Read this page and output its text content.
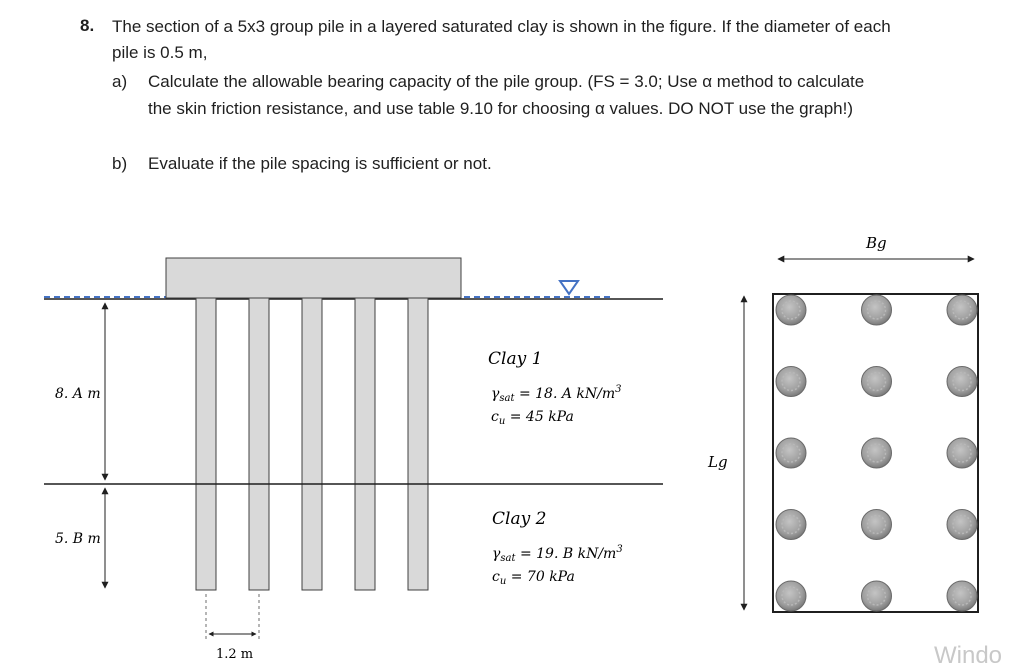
8. The section of a 5x3 group pile in a layered saturated clay is shown in the figure. If the diameter of each pile is 0.5 m,
a) Calculate the allowable bearing capacity of the pile group. (FS = 3.0; Use α method to calculate the skin friction resistance, and use table 9.10 for choosing α values. DO NOT use the graph!)
b) Evaluate if the pile spacing is sufficient or not.
8. A m
5. B m
Clay 1
$\gamma_{sat} = 18$. A $kN/m^3$
$c_u = 45$ kPa
Clay 2
$\gamma_{sat} = 19$. B $kN/m^3$
$c_u = 70$ kPa
1.2 m
Bg
Lg
Windo
